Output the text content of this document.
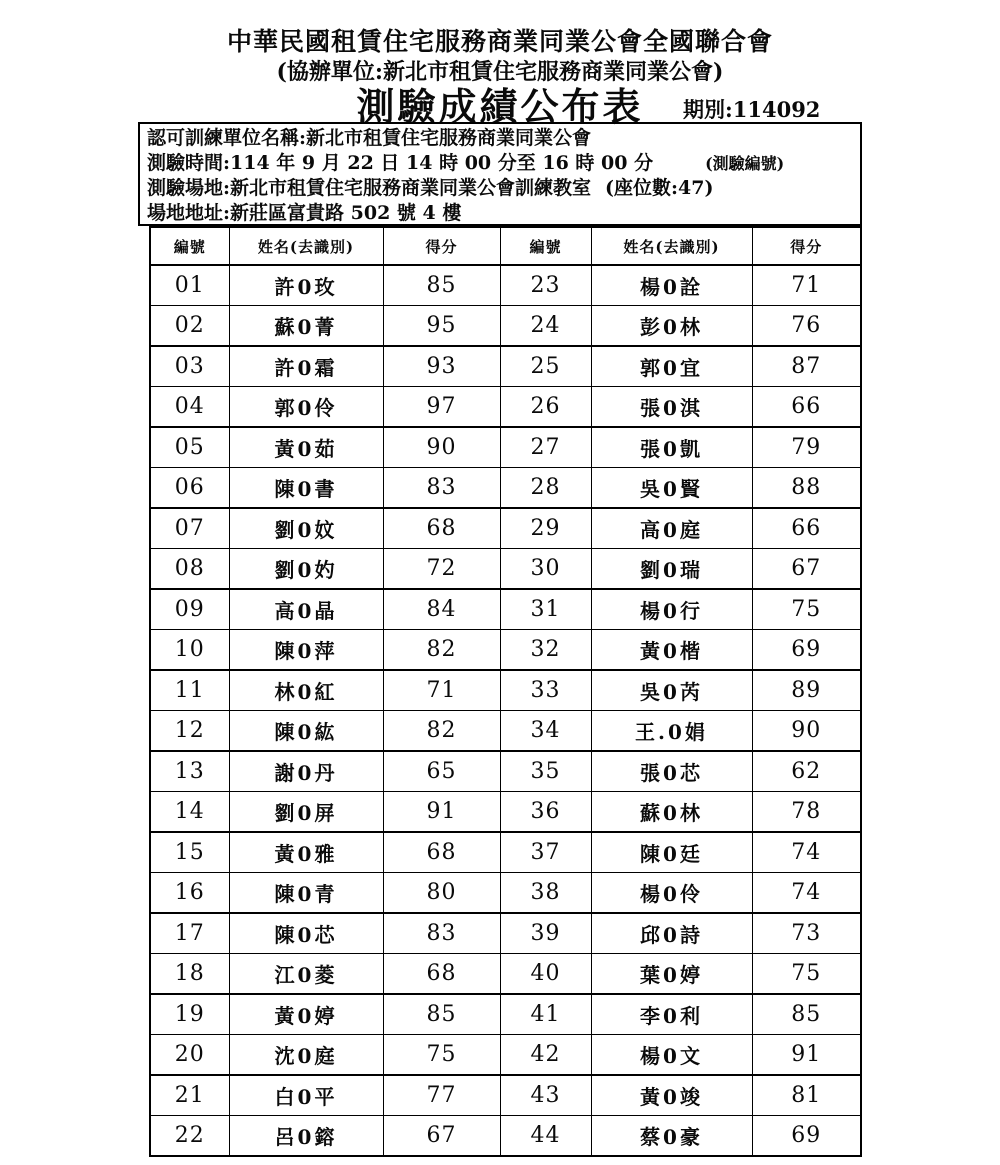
中華民國租賃住宅服務商業同業公會全國聯合會
(協辦單位:新北市租賃住宅服務商業同業公會)
測驗成績公布表	期別:114092
認可訓練單位名稱:新北市租賃住宅服務商業同業公會
測驗時間:114 年 9 月 22 日 14 時 00 分至 16 時 00 分	(測驗編號)
測驗場地:新北市租賃住宅服務商業同業公會訓練教室 (座位數:47)
場地地址:新莊區富貴路 502 號 4 樓
編號	姓名(去識別)	得分	編號	姓名(去識別)	得分
01	許0玫	85	23	楊0詮	71
02	蘇0菁	95	24	彭0林	76
03	許0霜	93	25	郭0宜	87
04	郭0伶	97	26	張0淇	66
05	黃0茹	90	27	張0凱	79
06	陳0書	83	28	吳0賢	88
07	劉0妏	68	29	高0庭	66
08	劉0妁	72	30	劉0瑞	67
09	高0晶	84	31	楊0行	75
10	陳0萍	82	32	黃0楷	69
11	林0紅	71	33	吳0芮	89
12	陳0紘	82	34	王.0娟	90
13	謝0丹	65	35	張0芯	62
14	劉0屏	91	36	蘇0林	78
15	黃0雅	68	37	陳0廷	74
16	陳0青	80	38	楊0伶	74
17	陳0芯	83	39	邱0詩	73
18	江0菱	68	40	葉0婷	75
19	黃0婷	85	41	李0利	85
20	沈0庭	75	42	楊0文	91
21	白0平	77	43	黃0竣	81
22	呂0鎔	67	44	蔡0豪	69
